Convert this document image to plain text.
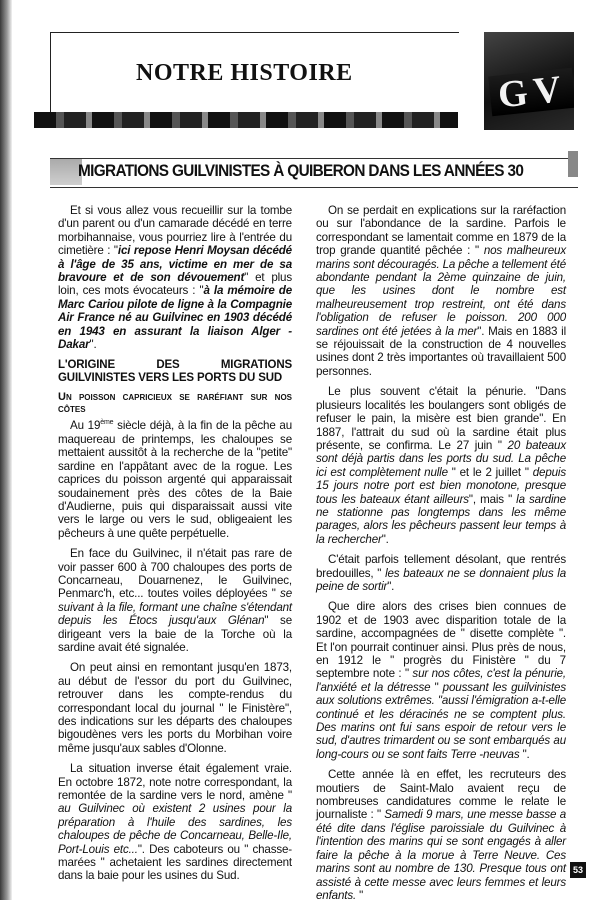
NOTRE HISTOIRE	GV
MIGRATIONS GUILVINISTES À QUIBERON DANS LES ANNÉES 30

Et si vous allez vous recueillir sur la tombe d'un parent ou d'un camarade décédé en terre morbihannaise, vous pourriez lire à l'entrée du cimetière : "ici repose Henri Moysan décédé à l'âge de 35 ans, victime en mer de sa bravoure et de son dévouement" et plus loin, ces mots évocateurs : "à la mémoire de Marc Cariou pilote de ligne à la Compagnie Air France né au Guilvinec en 1903 décédé en 1943 en assurant la liaison Alger - Dakar".

L'ORIGINE DES MIGRATIONS GUILVINISTES VERS LES PORTS DU SUD
Un poisson capricieux se raréfiant sur nos côtes

Au 19ème siècle déjà, à la fin de la pêche au maquereau de printemps, les chaloupes se mettaient aussitôt à la recherche de la "petite" sardine en l'appâtant avec de la rogue. Les caprices du poisson argenté qui apparaissait soudainement près des côtes de la Baie d'Audierne, puis qui disparaissait aussi vite vers le large ou vers le sud, obligeaient les pêcheurs à une quête perpétuelle.

En face du Guilvinec, il n'était pas rare de voir passer 600 à 700 chaloupes des ports de Concarneau, Douarnenez, le Guilvinec, Penmarc'h, etc... toutes voiles déployées " se suivant à la file, formant une chaîne s'étendant depuis les Étocs jusqu'aux Glénan" se dirigeant vers la baie de la Torche où la sardine avait été signalée.

On peut ainsi en remontant jusqu'en 1873, au début de l'essor du port du Guilvinec, retrouver dans les compte-rendus du correspondant local du journal " le Finistère", des indications sur les départs des chaloupes bigoudènes vers les ports du Morbihan voire même jusqu'aux sables d'Olonne.

La situation inverse était également vraie. En octobre 1872, note notre correspondant, la remontée de la sardine vers le nord, amène " au Guilvinec où existent 2 usines pour la préparation à l'huile des sardines, les chaloupes de pêche de Concarneau, Belle-Ile, Port-Louis etc...". Des caboteurs ou " chasse-marées " achetaient les sardines directement dans la baie pour les usines du Sud.

On se perdait en explications sur la raréfaction ou sur l'abondance de la sardine. Parfois le correspondant se lamentait comme en 1879 de la trop grande quantité pêchée : " nos malheureux marins sont découragés. La pêche a tellement été abondante pendant la 2ème quinzaine de juin, que les usines dont le nombre est malheureusement trop restreint, ont été dans l'obligation de refuser le poisson. 200 000 sardines ont été jetées à la mer". Mais en 1883 il se réjouissait de la construction de 4 nouvelles usines dont 2 très importantes où travaillaient 500 personnes.

Le plus souvent c'était la pénurie. "Dans plusieurs localités les boulangers sont obligés de refuser le pain, la misère est bien grande". En 1887, l'attrait du sud où la sardine était plus présente, se confirma. Le 27 juin " 20 bateaux sont déjà partis dans les ports du sud. La pêche ici est complètement nulle " et le 2 juillet " depuis 15 jours notre port est bien monotone, presque tous les bateaux étant ailleurs", mais " la sardine ne stationne pas longtemps dans les même parages, alors les pêcheurs passent leur temps à la rechercher".

C'était parfois tellement désolant, que rentrés bredouilles, " les bateaux ne se donnaient plus la peine de sortir".

Que dire alors des crises bien connues de 1902 et de 1903 avec disparition totale de la sardine, accompagnées de " disette complète ". Et l'on pourrait continuer ainsi. Plus près de nous, en 1912 le " progrès du Finistère " du 7 septembre note : " sur nos côtes, c'est la pénurie, l'anxiété et la détresse " poussant les guilvinistes aux solutions extrêmes. "aussi l'émigration a-t-elle continué et les déracinés ne se comptent plus. Des marins ont fui sans espoir de retour vers le sud, d'autres trimardent ou se sont embarqués au long-cours ou se sont faits Terre -neuvas ".

Cette année là en effet, les recruteurs des moutiers de Saint-Malo avaient reçu de nombreuses candidatures comme le relate le journaliste : " Samedi 9 mars, une messe basse a été dite dans l'église paroissiale du Guilvinec à l'intention des marins qui se sont engagés à aller faire la pêche à la morue à Terre Neuve. Ces marins sont au nombre de 130. Presque tous ont assisté à cette messe avec leurs femmes et leurs enfants. "

53
